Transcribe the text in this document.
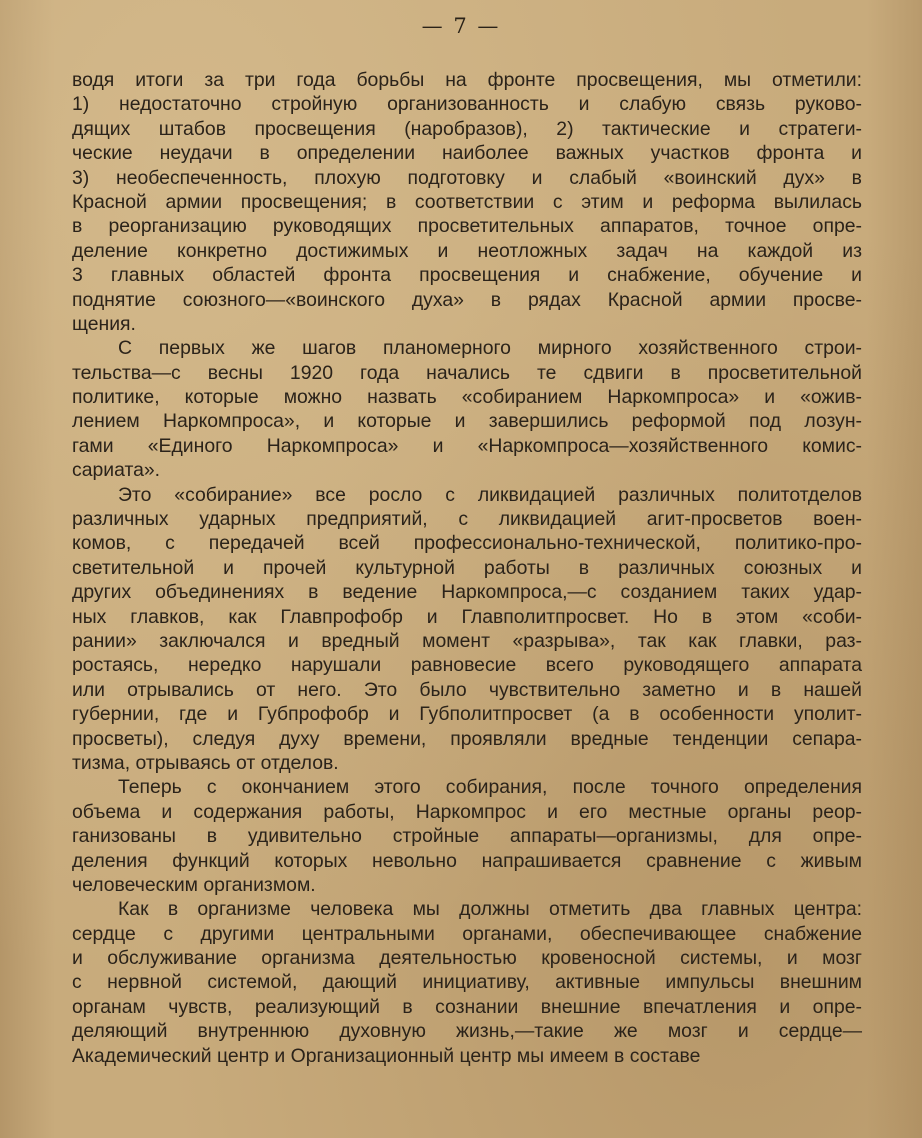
— 7 —
водя итоги за три года борьбы на фронте просвещения, мы отметили:
1) недостаточно стройную организованность и слабую связь руково-
дящих штабов просвещения (наробразов), 2) тактические и стратеги-
ческие неудачи в определении наиболее важных участков фронта и
3) необеспеченность, плохую подготовку и слабый «воинский дух» в
Красной армии просвещения; в соответствии с этим и реформа вылилась
в реорганизацию руководящих просветительных аппаратов, точное опре-
деление конкретно достижимых и неотложных задач на каждой из
3 главных областей фронта просвещения и снабжение, обучение и
поднятие союзного—«воинского духа» в рядах Красной армии просве-
щения.
С первых же шагов планомерного мирного хозяйственного строи-
тельства—с весны 1920 года начались те сдвиги в просветительной
политике, которые можно назвать «собиранием Наркомпроса» и «ожив-
лением Наркомпроса», и которые и завершились реформой под лозун-
гами «Единого Наркомпроса» и «Наркомпроса—хозяйственного комис-
сариата».
Это «собирание» все росло с ликвидацией различных политотделов
различных ударных предприятий, с ликвидацией агит-просветов воен-
комов, с передачей всей профессионально-технической, политико-про-
светительной и прочей культурной работы в различных союзных и
других объединениях в ведение Наркомпроса,—с созданием таких удар-
ных главков, как Главпрофобр и Главполитпросвет. Но в этом «соби-
рании» заключался и вредный момент «разрыва», так как главки, раз-
ростаясь, нередко нарушали равновесие всего руководящего аппарата
или отрывались от него. Это было чувствительно заметно и в нашей
губернии, где и Губпрофобр и Губполитпросвет (а в особенности уполит-
просветы), следуя духу времени, проявляли вредные тенденции сепара-
тизма, отрываясь от отделов.
Теперь с окончанием этого собирания, после точного определения
объема и содержания работы, Наркомпрос и его местные органы реор-
ганизованы в удивительно стройные аппараты—организмы, для опре-
деления функций которых невольно напрашивается сравнение с живым
человеческим организмом.
Как в организме человека мы должны отметить два главных центра:
сердце с другими центральными органами, обеспечивающее снабжение
и обслуживание организма деятельностью кровеносной системы, и мозг
с нервной системой, дающий инициативу, активные импульсы внешним
органам чувств, реализующий в сознании внешние впечатления и опре-
деляющий внутреннюю духовную жизнь,—такие же мозг и сердце—
Академический центр и Организационный центр мы имеем в составе
